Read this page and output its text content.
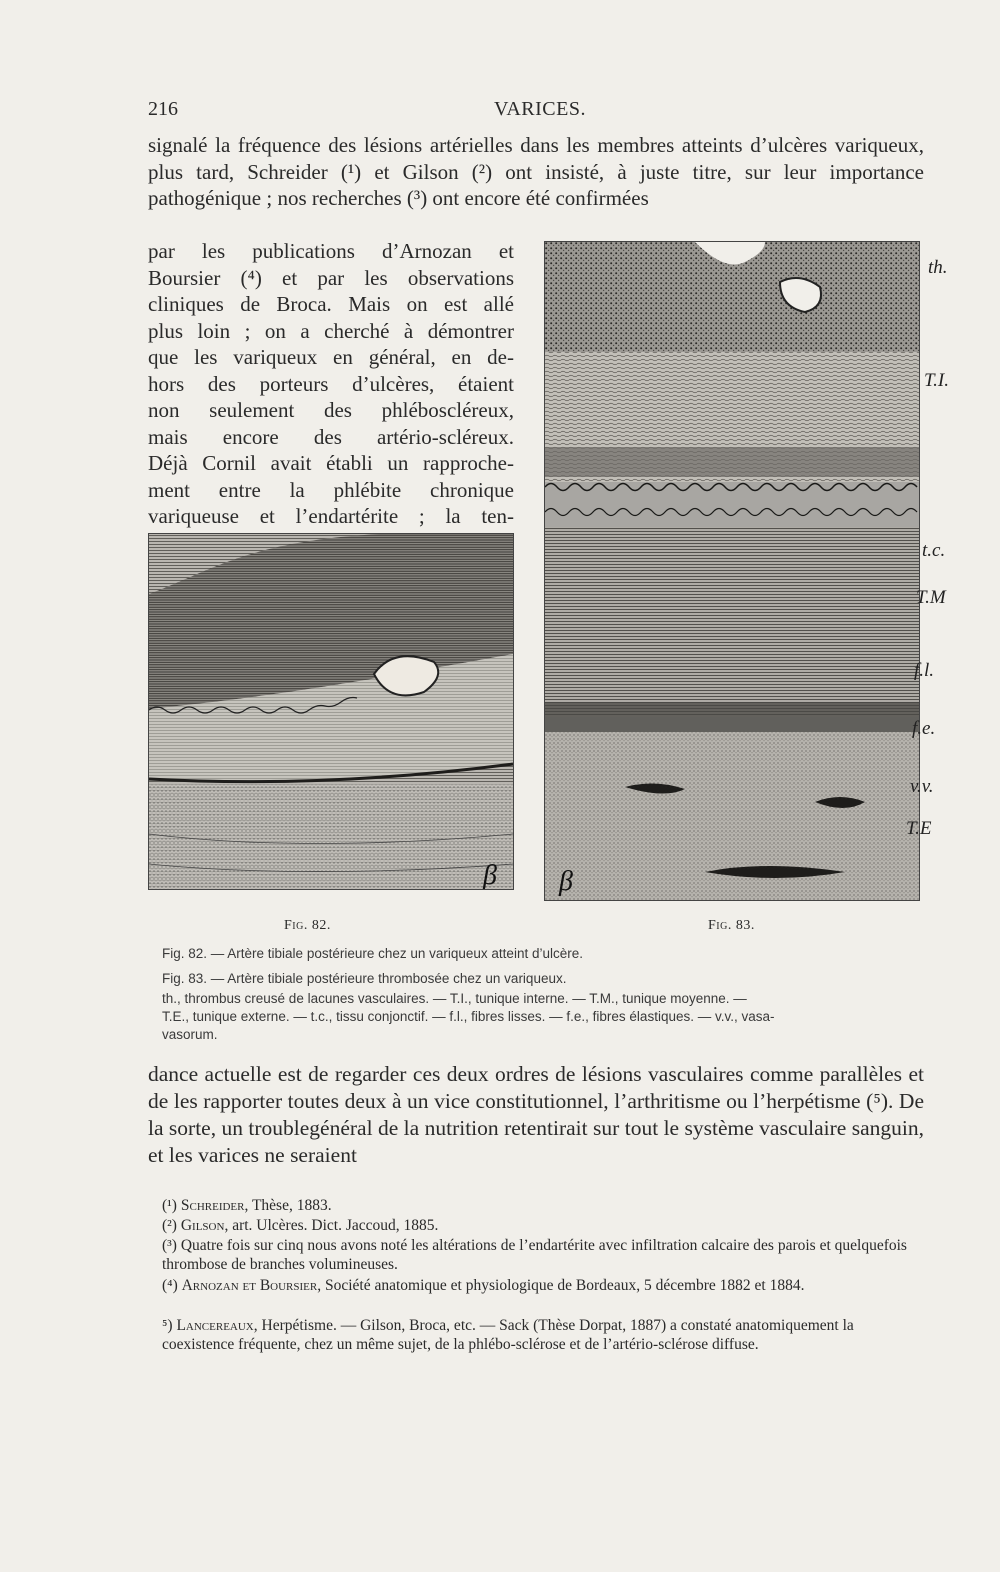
216	VARICES.

signalé la fréquence des lésions artérielles dans les membres atteints d’ulcères variqueux, plus tard, Schreider (¹) et Gilson (²) ont insisté, à juste titre, sur leur importance pathogénique ; nos recherches (³) ont encore été confirmées

par les publications d’Arnozan et
Boursier (⁴) et par les observations
cliniques de Broca. Mais on est allé
plus loin ; on a cherché à démontrer
que les variqueux en général, en de-
hors des porteurs d’ulcères, étaient
non seulement des phléboscléreux,
mais encore des artério-scléreux.
Déjà Cornil avait établi un rapproche-
ment entre la phlébite chronique
variqueuse et l’endartérite ; la ten-
β β
th.
T.I.
t.c.
T.M
f.l.
f.e.
v.v.
T.E
Fig. 82.	Fig. 83.

Fig. 82. — Artère tibiale postérieure chez un variqueux atteint d’ulcère.

Fig. 83. — Artère tibiale postérieure thrombosée chez un variqueux.

th., thrombus creusé de lacunes vasculaires. — T.I., tunique interne. — T.M., tunique moyenne. —

T.E., tunique externe. — t.c., tissu conjonctif. — f.l., fibres lisses. — f.e., fibres élastiques. — v.v., vasa-

vasorum.

dance actuelle est de regarder ces deux ordres de lésions vasculaires comme parallèles et de les rapporter toutes deux à un vice constitutionnel, l’arthritisme ou l’herpétisme (⁵). De la sorte, un troublegénéral de la nutrition retentirait sur tout le système vasculaire sanguin, et les varices ne seraient

(¹) Schreider, Thèse, 1883.

(²) Gilson, art. Ulcères. Dict. Jaccoud, 1885.

(³) Quatre fois sur cinq nous avons noté les altérations de l’endartérite avec infiltration calcaire des parois et quelquefois thrombose de branches volumineuses.

(⁴) Arnozan et Boursier, Société anatomique et physiologique de Bordeaux, 5 décembre 1882 et 1884.

⁵) Lancereaux, Herpétisme. — Gilson, Broca, etc. — Sack (Thèse Dorpat, 1887) a constaté anatomiquement la coexistence fréquente, chez un même sujet, de la phlébo-sclérose et de l’artério-sclérose diffuse.
